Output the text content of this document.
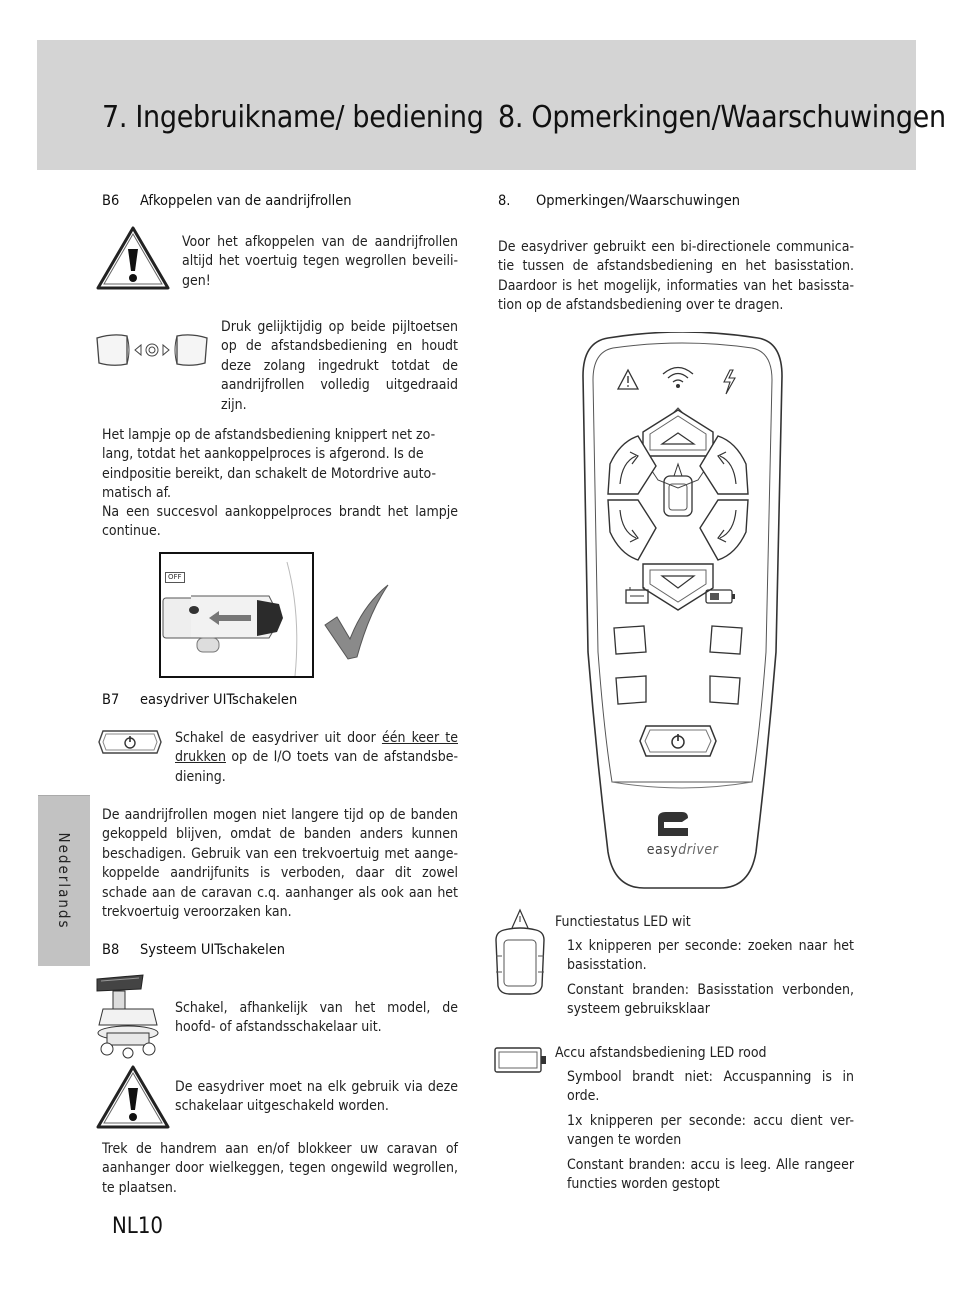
7. Ingebruikname/ bediening 8. Opmerkingen/Waarschuwingen
Nederlands
B6 Afkoppelen van de aandrijfrollen
Voor het afkoppelen van de aandrijfrollen altijd het voertuig tegen wegrollen beveili-gen!
Druk gelijktijdig op beide pijltoetsen op de afstandsbediening en houdt deze zolang ingedrukt totdat de aandrijfrollen volledig uitgedraaid zijn.
Het lampje op de afstandsbediening knippert net zo-lang, totdat het aankoppelproces is afgerond. Is de eindpositie bereikt, dan schakelt de Motordrive auto-matisch af.
Na een succesvol aankoppelproces brandt het lampje continue.
OFF
B7 easydriver UITschakelen
Schakel de easydriver uit door één keer te drukken op de I/O toets van de afstandsbe-diening.
De aandrijfrollen mogen niet langere tijd op de banden gekoppeld blijven, omdat de banden anders kunnen beschadigen. Gebruik van een trekvoertuig met aange-koppelde aandrijfunits is verboden, daar dit zowel schade aan de caravan c.q. aanhanger als ook aan het trekvoertuig veroorzaken kan.
B8 Systeem UITschakelen
Schakel, afhankelijk van het model, de hoofd- of afstandsschakelaar uit.
De easydriver moet na elk gebruik via deze schakelaar uitgeschakeld worden.
Trek de handrem aan en/of blokkeer uw caravan of aanhanger door wielkeggen, tegen ongewild wegrollen, te plaatsen.
NL10
8. Opmerkingen/Waarschuwingen
De easydriver gebruikt een bi-directionele communica-tie tussen de afstandsbediening en het basisstation. Daardoor is het mogelijk, informaties van het basissta-tion op de afstandsbediening over te dragen.
easydriver
Functiestatus LED wit
1x knipperen per seconde: zoeken naar het basisstation.
Constant branden: Basisstation verbonden, systeem gebruiksklaar
Accu afstandsbediening LED rood
Symbool brandt niet: Accuspanning is in orde.
1x knipperen per seconde: accu dient ver-vangen te worden
Constant branden: accu is leeg. Alle rangeer functies worden gestopt
